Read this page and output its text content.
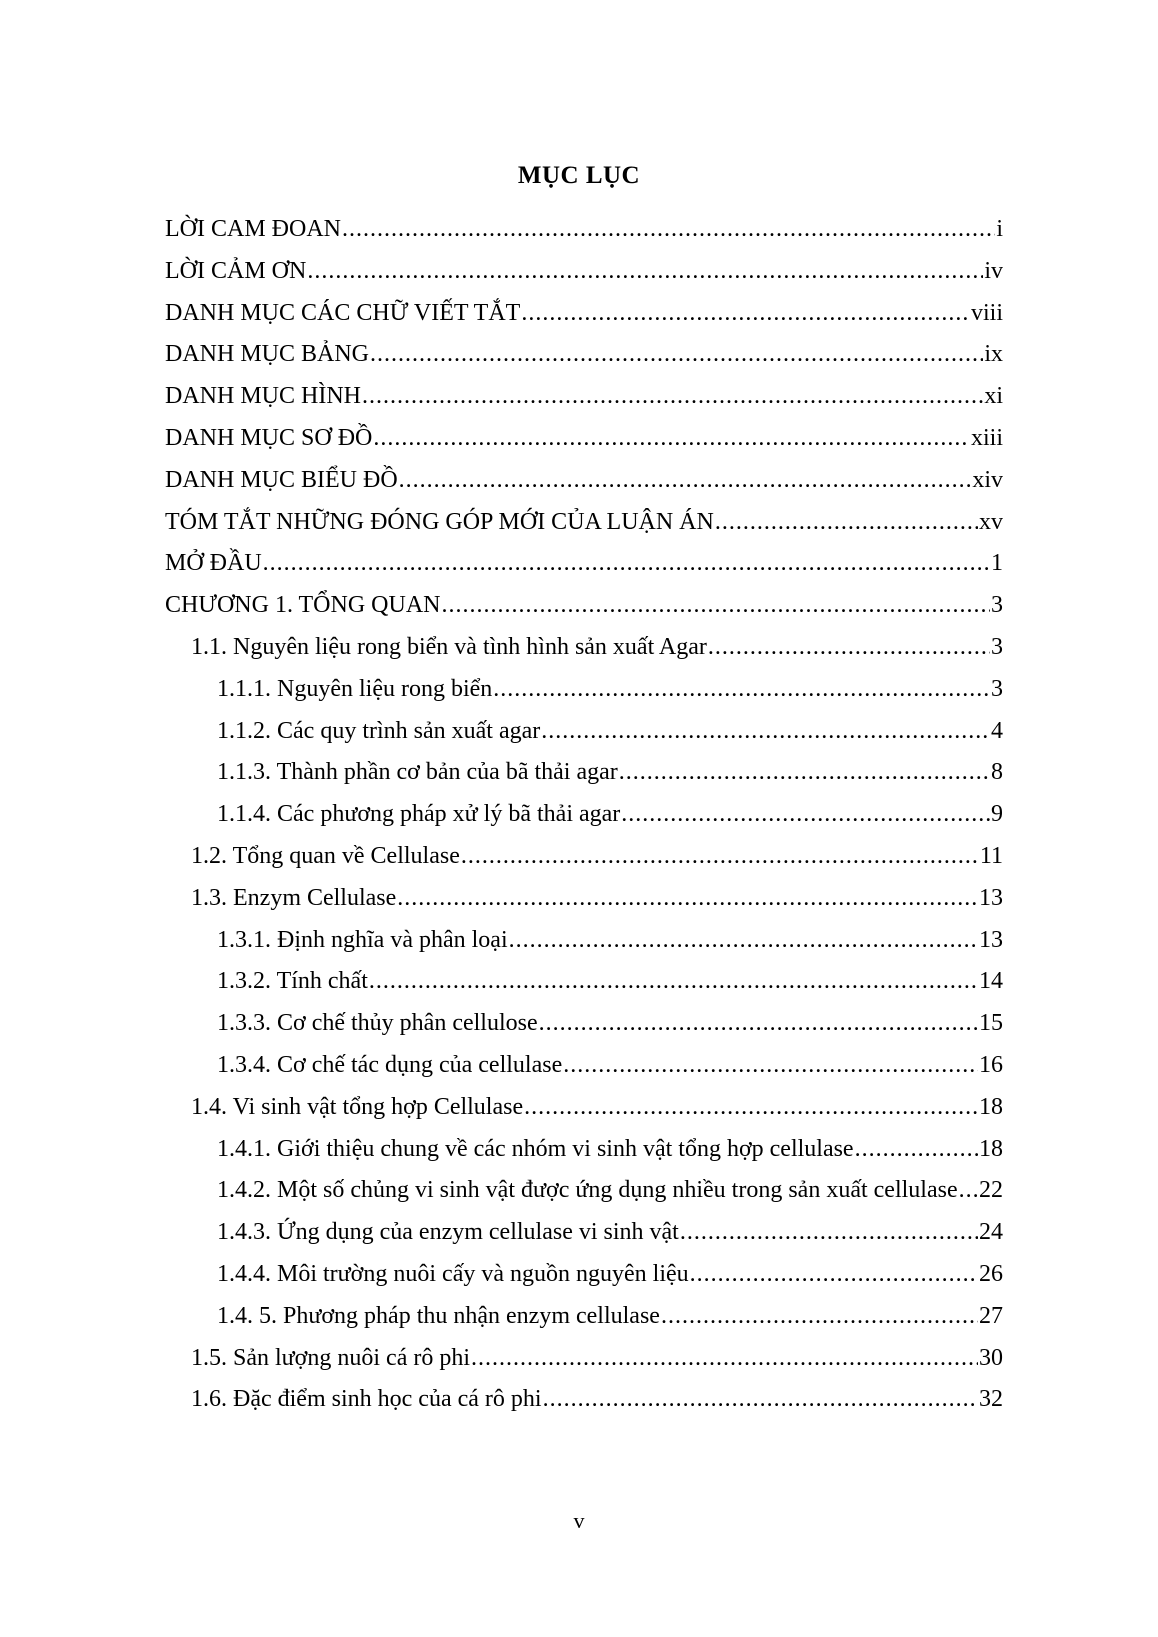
MỤC LỤC
LỜI CAM ĐOAN .....	i
LỜI CẢM ƠN .....	iv
DANH MỤC CÁC CHỮ VIẾT TẮT .....	viii
DANH MỤC BẢNG .....	ix
DANH MỤC HÌNH .....	xi
DANH MỤC SƠ ĐỒ .....	xiii
DANH MỤC BIỂU ĐỒ .....	xiv
TÓM TẮT NHỮNG ĐÓNG GÓP MỚI CỦA LUẬN ÁN .....	xv
MỞ ĐẦU .....	1
CHƯƠNG 1. TỔNG QUAN .....	3
1.1. Nguyên liệu rong biển và tình hình sản xuất Agar .....	3
1.1.1. Nguyên liệu rong biển .....	3
1.1.2. Các quy trình sản xuất agar .....	4
1.1.3. Thành phần cơ bản của bã thải agar .....	8
1.1.4. Các phương pháp xử lý bã thải agar .....	9
1.2. Tổng quan về Cellulase .....	11
1.3. Enzym Cellulase .....	13
1.3.1. Định nghĩa và phân loại .....	13
1.3.2. Tính chất .....	14
1.3.3. Cơ chế thủy phân cellulose .....	15
1.3.4. Cơ chế tác dụng của cellulase .....	16
1.4. Vi sinh vật tổng hợp Cellulase .....	18
1.4.1. Giới thiệu chung về các nhóm vi sinh vật tổng hợp cellulase .....	18
1.4.2. Một số chủng vi sinh vật được ứng dụng nhiều trong sản xuất cellulase ..... 22
1.4.3. Ứng dụng của enzym cellulase vi sinh vật .....	24
1.4.4. Môi trường nuôi cấy và nguồn nguyên liệu .....	26
1.4. 5. Phương pháp thu nhận enzym cellulase .....	27
1.5. Sản lượng nuôi cá rô phi .....	30
1.6. Đặc điểm sinh học của cá rô phi .....	32
v
